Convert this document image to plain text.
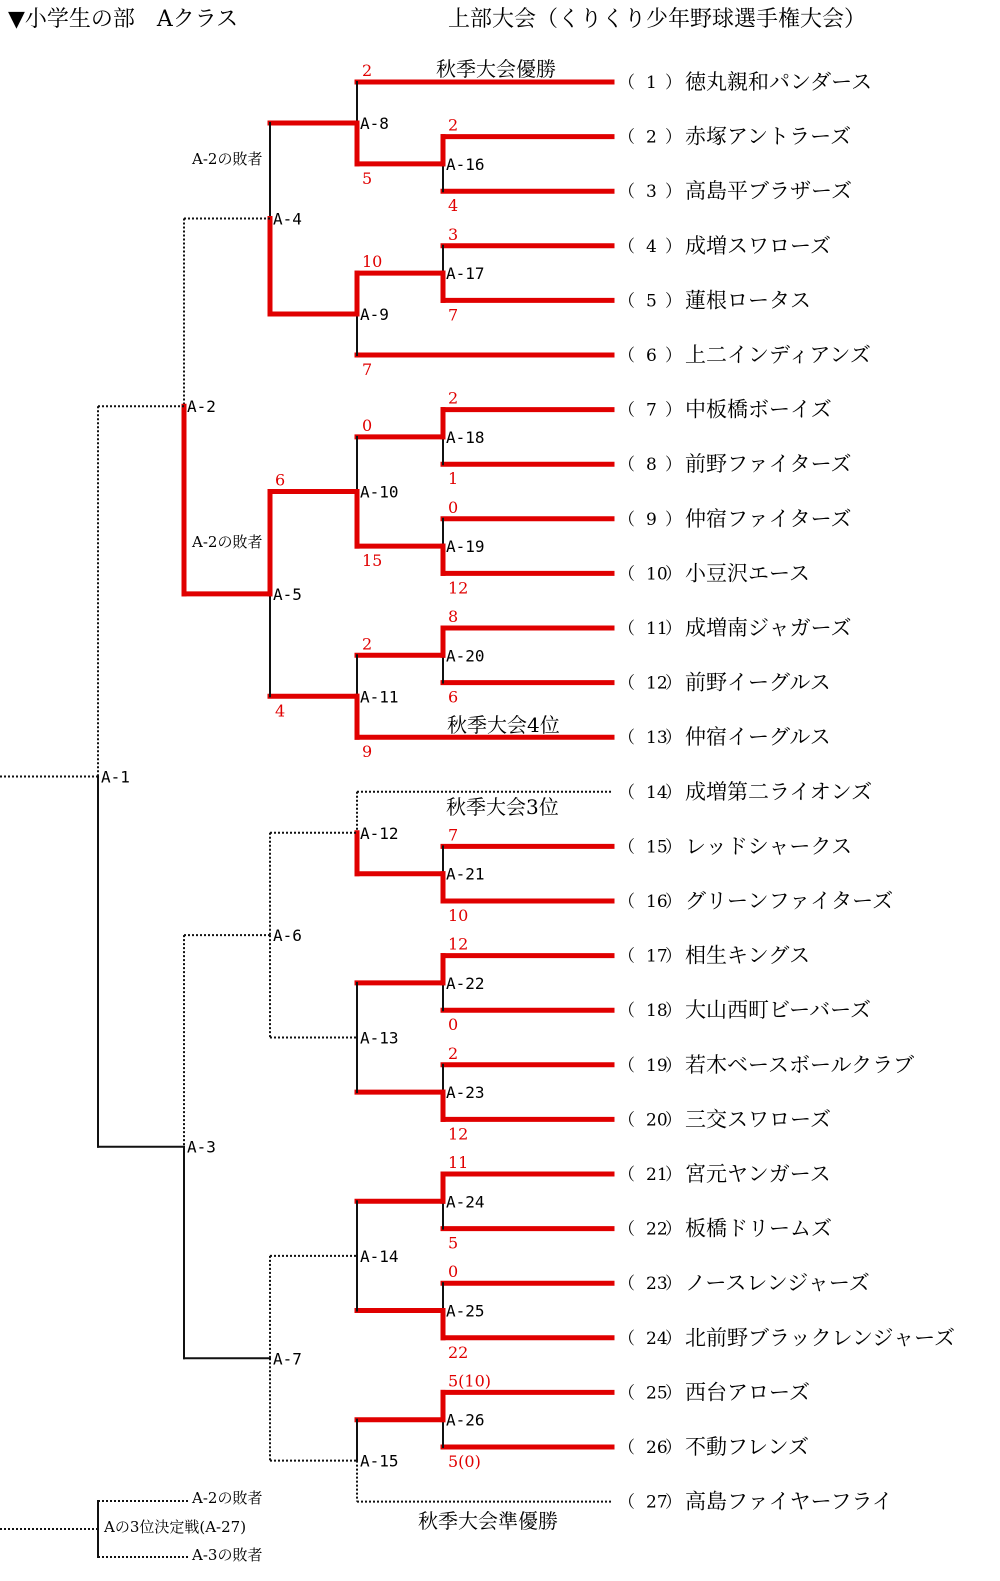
▼小学生の部　Aクラス	上部大会（くりくり少年野球選手権大会）
秋季大会優勝
秋季大会4位
秋季大会3位
秋季大会準優勝
A-2の敗者
A-2の敗者
A-2の敗者
Aの3位決定戦(A-27)
A-3の敗者
（ 1 ） 徳丸親和パンダース
（ 2 ） 赤塚アントラーズ
（ 3 ） 高島平ブラザーズ
（ 4 ） 成増スワローズ
（ 5 ） 蓮根ロータス
（ 6 ） 上二インディアンズ
（ 7 ） 中板橋ボーイズ
（ 8 ） 前野ファイターズ
（ 9 ） 仲宿ファイターズ
（ 10
） 小豆沢エース
（ 11
） 成増南ジャガーズ
（ 12
） 前野イーグルス
（ 13
） 仲宿イーグルス
（ 14
） 成増第二ライオンズ
（ 15
） レッドシャークス
（ 16
） グリーンファイターズ
（ 17
） 相生キングス
（ 18
） 大山西町ビーバーズ
（ 19
） 若木ベースボールクラブ
（ 20
） 三交スワローズ
（ 21
） 宮元ヤンガース
（ 22
） 板橋ドリームズ
（ 23
） ノースレンジャーズ
（ 24
） 北前野ブラックレンジャーズ
（ 25
） 西台アローズ
（ 26
） 不動フレンズ
（ 27
） 高島ファイヤーフライ
A-16
2
4
A-17
3
7
A-18
2
1
A-19
0
12
A-20
8
6
A-21
7
10
A-22
12
0
A-23
2
12
A-24
11
5
A-25
0
22
A-26
5(10)
5(0)
A-8
2
5
A-9
10
7
A-10
0
15
A-11
2
9
A-12
A-13
A-14
A-15
A-4
A-5
6
4
A-6
A-7
A-2
A-3
A-1
